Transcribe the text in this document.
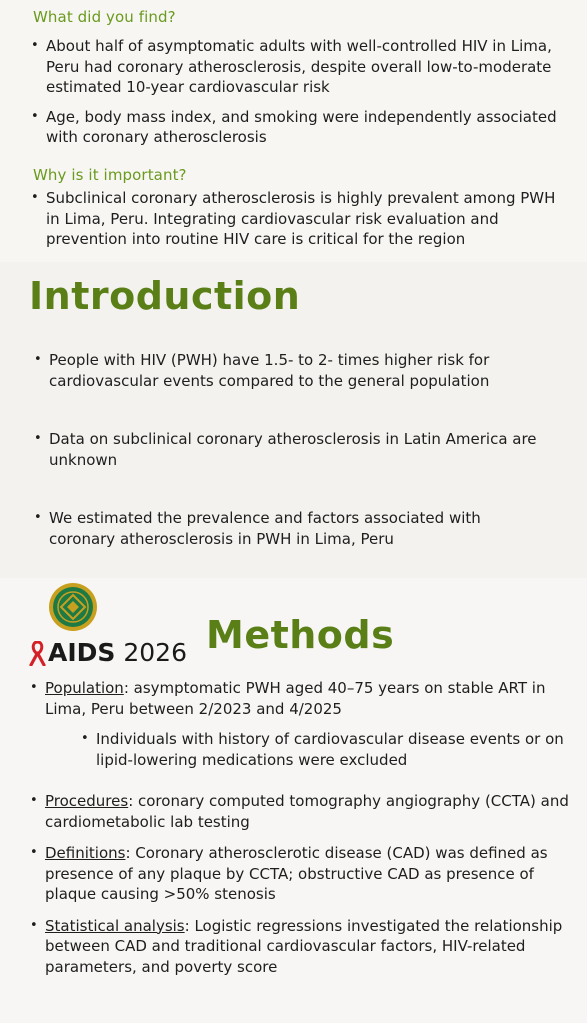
What did you find?
• About half of asymptomatic adults with well-controlled HIV in Lima, Peru had coronary atherosclerosis, despite overall low-to-moderate estimated 10-year cardiovascular risk
• Age, body mass index, and smoking were independently associated with coronary atherosclerosis
Why is it important?
• Subclinical coronary atherosclerosis is highly prevalent among PWH in Lima, Peru. Integrating cardiovascular risk evaluation and prevention into routine HIV care is critical for the region
Introduction
• People with HIV (PWH) have 1.5- to 2- times higher risk for cardiovascular events compared to the general population
• Data on subclinical coronary atherosclerosis in Latin America are unknown
• We estimated the prevalence and factors associated with coronary atherosclerosis in PWH in Lima, Peru
AIDS 2026 Methods
• Population: asymptomatic PWH aged 40–75 years on stable ART in Lima, Peru between 2/2023 and 4/2025
• Individuals with history of cardiovascular disease events or on lipid-lowering medications were excluded
• Procedures: coronary computed tomography angiography (CCTA) and cardiometabolic lab testing
• Definitions: Coronary atherosclerotic disease (CAD) was defined as presence of any plaque by CCTA; obstructive CAD as presence of plaque causing >50% stenosis
• Statistical analysis: Logistic regressions investigated the relationship between CAD and traditional cardiovascular factors, HIV-related parameters, and poverty score
